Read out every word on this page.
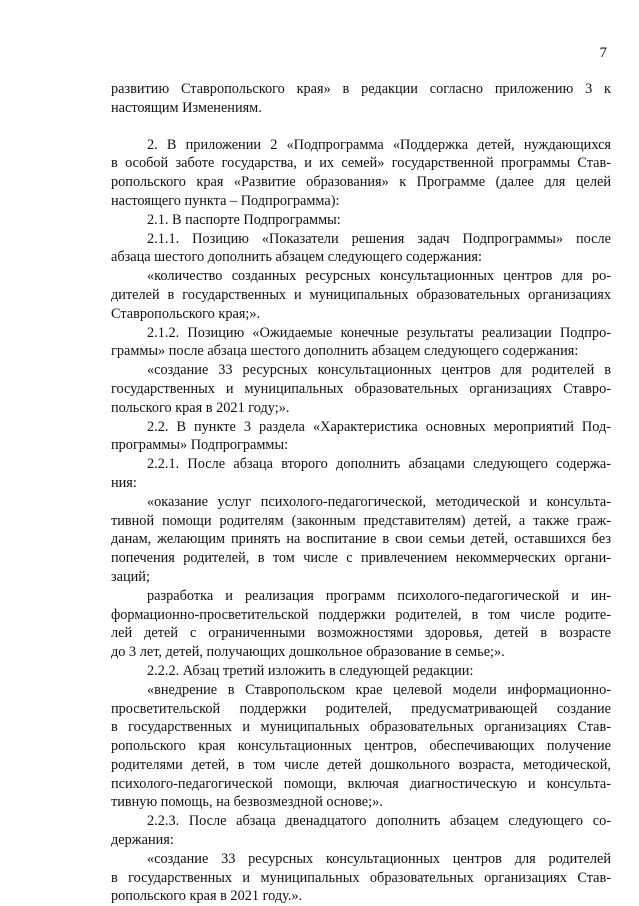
7
развитию Ставропольского края» в редакции согласно приложению 3 к
настоящим Изменениям.
2. В приложении 2 «Подпрограмма «Поддержка детей, нуждающихся
в особой заботе государства, и их семей» государственной программы Став-
ропольского края «Развитие образования» к Программе (далее для целей
настоящего пункта – Подпрограмма):
2.1. В паспорте Подпрограммы:
2.1.1. Позицию «Показатели решения задач Подпрограммы» после
абзаца шестого дополнить абзацем следующего содержания:
«количество созданных ресурсных консультационных центров для ро-
дителей в государственных и муниципальных образовательных организациях
Ставропольского края;».
2.1.2. Позицию «Ожидаемые конечные результаты реализации Подпро-
граммы» после абзаца шестого дополнить абзацем следующего содержания:
«создание 33 ресурсных консультационных центров для родителей в
государственных и муниципальных образовательных организациях Ставро-
польского края в 2021 году;».
2.2. В пункте 3 раздела «Характеристика основных мероприятий Под-
программы» Подпрограммы:
2.2.1. После абзаца второго дополнить абзацами следующего содержа-
ния:
«оказание услуг психолого-педагогической, методической и консульта-
тивной помощи родителям (законным представителям) детей, а также граж-
данам, желающим принять на воспитание в свои семьи детей, оставшихся без
попечения родителей, в том числе с привлечением некоммерческих органи-
заций;
разработка и реализация программ психолого-педагогической и ин-
формационно-просветительской поддержки родителей, в том числе родите-
лей детей с ограниченными возможностями здоровья, детей в возрасте
до 3 лет, детей, получающих дошкольное образование в семье;».
2.2.2. Абзац третий изложить в следующей редакции:
«внедрение в Ставропольском крае целевой модели информационно-
просветительской поддержки родителей, предусматривающей создание
в государственных и муниципальных образовательных организациях Став-
ропольского края консультационных центров, обеспечивающих получение
родителями детей, в том числе детей дошкольного возраста, методической,
психолого-педагогической помощи, включая диагностическую и консульта-
тивную помощь, на безвозмездной основе;».
2.2.3. После абзаца двенадцатого дополнить абзацем следующего со-
держания:
«создание 33 ресурсных консультационных центров для родителей
в государственных и муниципальных образовательных организациях Став-
ропольского края в 2021 году.».
